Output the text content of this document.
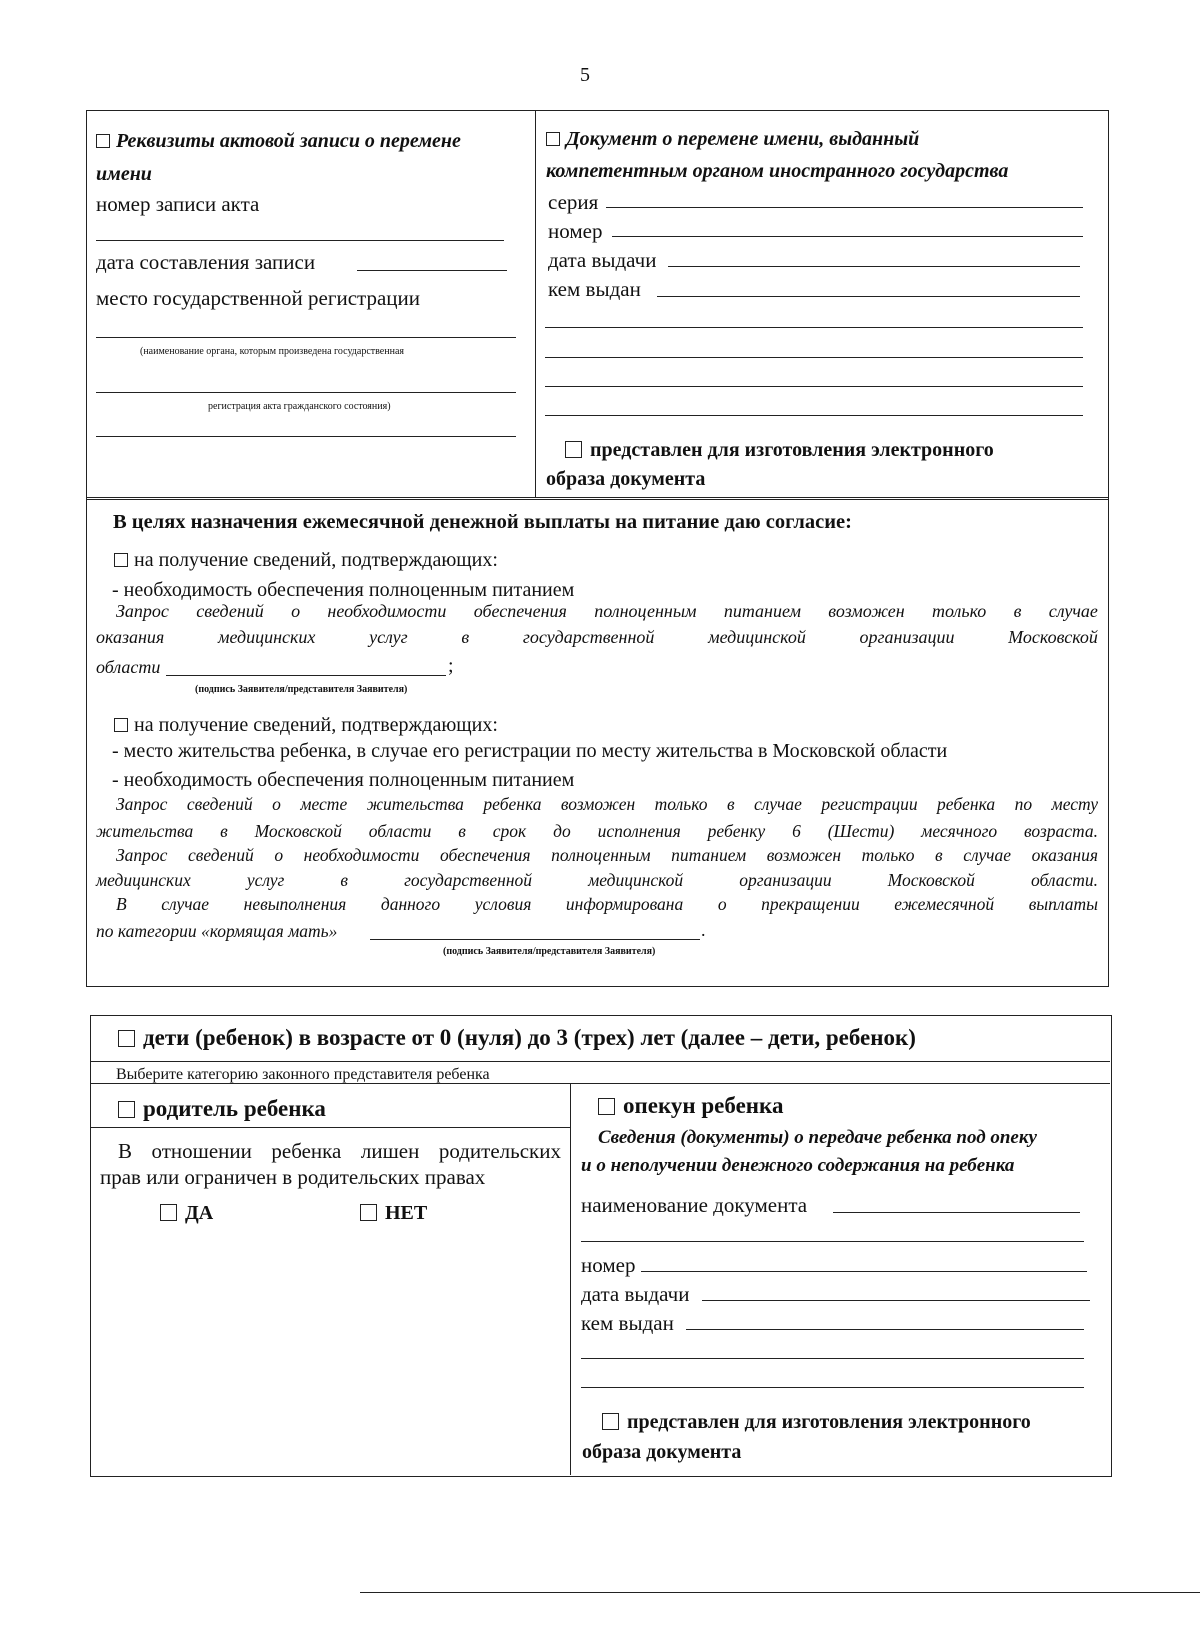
5
Реквизиты актовой записи о перемене
имени
номер записи акта
дата составления записи
место государственной регистрации
(наименование органа, которым произведена государственная
регистрация акта гражданского состояния)
Документ о перемене имени, выданный
компетентным органом иностранного государства
серия
номер
дата выдачи
кем выдан
представлен для изготовления электронного
образа документа
В целях назначения ежемесячной денежной выплаты на питание даю согласие:
на получение сведений, подтверждающих:
- необходимость обеспечения полноценным питанием
Запрос сведений о необходимости обеспечения полноценным питанием возможен только в случае
оказания	медицинских	услуг	в	государственной	медицинской	организации	Московской
области	;
(подпись Заявителя/представителя Заявителя)
на получение сведений, подтверждающих:
- место жительства ребенка, в случае его регистрации по месту жительства в Московской области
- необходимость обеспечения полноценным питанием
Запрос сведений о месте жительства ребенка возможен только в случае регистрации ребенка по месту
жительства в Московской области в срок до исполнения ребенку 6 (Шести) месячного возраста.
Запрос сведений о необходимости обеспечения полноценным питанием возможен только в случае оказания
медицинских услуг в государственной медицинской организации Московской области.
В случае невыполнения данного условия информирована о прекращении ежемесячной выплаты
по категории «кормящая мать»	.
(подпись Заявителя/представителя Заявителя)
дети (ребенок) в возрасте от 0 (нуля) до 3 (трех) лет (далее – дети, ребенок)
Выберите категорию законного представителя ребенка
родитель ребенка	опекун ребенка
В отношении ребенка лишен родительских
прав или ограничен в родительских правах
ДА	НЕТ
Сведения (документы) о передаче ребенка под опеку
и о неполучении денежного содержания на ребенка
наименование документа
номер
дата выдачи
кем выдан
представлен для изготовления электронного
образа документа
